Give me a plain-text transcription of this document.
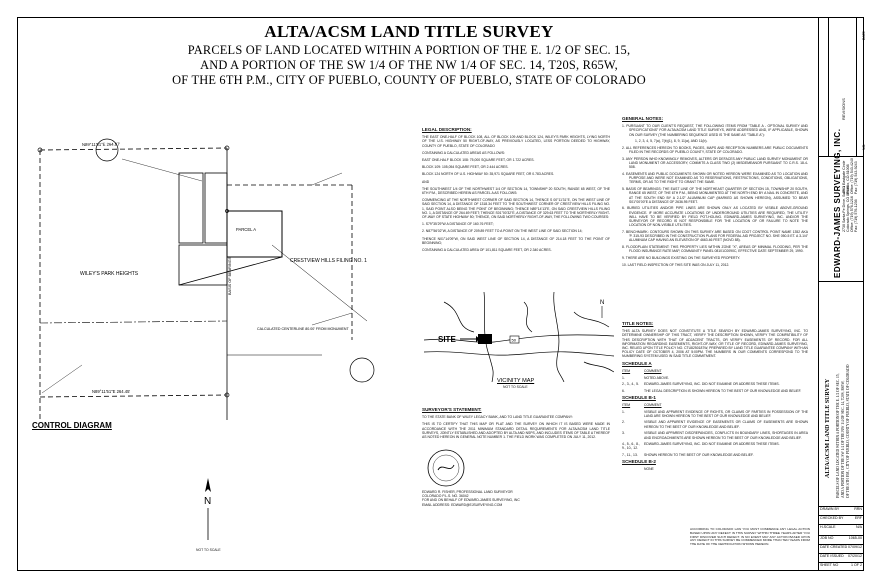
ALTA/ACSM LAND TITLE SURVEY
PARCELS OF LAND LOCATED WITHIN A PORTION OF THE E. 1/2 OF SEC. 15,
AND A PORTION OF THE SW 1/4 OF THE NW 1/4 OF SEC. 14, T20S, R65W,
OF THE 6TH P.M., CITY OF PUEBLO, COUNTY OF PUEBLO, STATE OF COLORADO
N89°11'51"E 264.87'
N89°11'51"E 264.45'
WILEY'S PARK HEIGHTS
CRESTVIEW HILLS FILING NO. 1
PARCEL A
CALCULATED CENTERLINE 80.00' FROM MONUMENT
BASIS OF BEARINGS
CONTROL DIAGRAM
N
NOT TO SCALE
LEGAL DESCRIPTION:

THE EAST ONE-HALF OF BLOCK 108, ALL OF BLOCK 109 AND BLOCK 124, WILEY'S PARK HEIGHTS, LYING NORTH OF THE U.S. HIGHWAY 50 RIGHT-OF-WAY, AS PREVIOUSLY LOCATED, LESS PORTION DEEDED TO HIGHWAY, COUNTY OF PUEBLO, STATE OF COLORADO

CONTAINING A CALCULATED AREAS AS FOLLOWS:

EAST ONE-HALF BLOCK 108: 75,000 SQUARE FEET, OR 1.722 ACRES.

BLOCK 109: 105,054 SQUARE FEET, OR 2.444 ACRES.

BLOCK 124 NORTH OF U.S. HIGHWAY 50: 35,971 SQUARE FEET, OR 0.783 ACRES.

AND

THE SOUTHWEST 1/4 OF THE NORTHWEST 1/4 OF SECTION 14, TOWNSHIP 20 SOUTH, RANGE 65 WEST, OF THE 6TH P.M., DESCRIBED HEREIN AS PARCEL A AS FOLLOWS:

COMMENCING AT THE NORTHWEST CORNER OF SAID SECTION 14, THENCE S 00°11'31"E, ON THE WEST LINE OF SAID SECTION 14, A DISTANCE OF 1318.34 FEET TO THE SOUTHWEST CORNER OF CRESTVIEW HILLS FILING NO. 1, SAID POINT ALSO BEING THE POINT OF BEGINNING; THENCE N89°14'13"E, ON SAID CRESTVIEW HILLS FILING NO. 1, A DISTANCE OF 264.69 FEET; THENCE S01°00'32"E, A DISTANCE OF 329.63 FEET TO THE NORTHERLY RIGHT-OF-WAY OF STATE HIGHWAY 50; THENCE, ON SAID NORTHERLY RIGHT-OF-WAY, THE FOLLOWING TWO COURSES:

1. S79°35'29"W A DISTANCE OF 160.76 FEET;

2. N87°56'02"W, A DISTANCE OF 209.89 FEET TO A POINT ON THE WEST LINE OF SAID SECTION 14;

THENCE N01°14'09"W, ON SAID WEST LINE OF SECTION 14, A DISTANCE OF 214.18 FEET TO THE POINT OF BEGINNING;

CONTAINING A CALCULATED AREA OF 101,811 SQUARE FEET, OR 2.340 ACRES.

SITE	50
N
VICINITY MAP
NOT TO SCALE
SURVEYOR'S STATEMENT:

TO THE STATE BANK OF WILEY LEGACY BANK, AND TO LAND TITLE GUARANTEE COMPANY:

THIS IS TO CERTIFY THAT THIS MAP OR PLAT AND THE SURVEY ON WHICH IT IS BASED WERE MADE IN ACCORDANCE WITH THE 2011 MINIMUM STANDARD DETAIL REQUIREMENTS FOR ALTA/ACSM LAND TITLE SURVEYS, JOINTLY ESTABLISHED AND ADOPTED BY ALTA AND NSPS, AND INCLUDES ITEMS OF TABLE A THEREOF AS NOTED HEREON IN GENERAL NOTE NUMBER 1. THE FIELD WORK WAS COMPLETED ON JULY 11, 2012.

EDWARD R. FISHER, PROFESSIONAL LAND SURVEYOR
COLORADO P.L.S. NO. 36042
FOR AND ON BEHALF OF EDWARD-JAMES SURVEYING, INC
EMAIL ADDRESS: EDWARD@EJSURVEYING.COM
GENERAL NOTES:
1. PURSUANT TO OUR CLIENT'S REQUEST, THE FOLLOWING ITEMS FROM "TABLE A - OPTIONAL SURVEY AND SPECIFICATIONS" FOR ALTA/ACSM LAND TITLE SURVEYS, WERE ADDRESSED AND, IF APPLICABLE, SHOWN ON OUR SURVEY (THE NUMBERING SEQUENCE USED IS THE SAME AS "TABLE A"):
1, 2, 3, 4, 5, 7(a), 7(b)(1), 8, 9, 11(a), AND 11(b).
2. ALL REFERENCES HEREON TO BOOKS, PAGES, MAPS AND RECEPTION NUMBERS ARE PUBLIC DOCUMENTS FILED IN THE RECORDS OF PUEBLO COUNTY, STATE OF COLORADO.
3. ANY PERSON WHO KNOWINGLY REMOVES, ALTERS OR DEFACES ANY PUBLIC LAND SURVEY MONUMENT OR LAND MONUMENT OR ACCESSORY, COMMITS A CLASS TWO (2) MISDEMEANOR PURSUANT TO C.R.S. 18-4-508.
4. EASEMENTS AND PUBLIC DOCUMENTS SHOWN OR NOTED HEREON WERE EXAMINED AS TO LOCATION AND PURPOSE AND WERE NOT EXAMINED AS TO RESERVATIONS, RESTRICTIONS, CONDITIONS, OBLIGATIONS, TERMS, OR AS TO THE RIGHT TO GRANT THE SAME.
5. BASIS OF BEARINGS: THE EAST LINE OF THE NORTHEAST QUARTER OF SECTION 15, TOWNSHIP 20 SOUTH, RANGE 65 WEST, OF THE 6TH P.M., BEING MONUMENTED AT THE NORTH END BY A NAIL IN CONCRETE, AND AT THE SOUTH END BY A 2-1/2" ALUMINUM CAP (MARKED AS SHOWN HEREON), ASSUMED TO BEAR S01°00'00"E A DISTANCE OF 2636.95 FEET.
6. BURIED UTILITIES AND/OR PIPE LINES ARE SHOWN ONLY AS LOCATED BY VISIBLE ABOVE-GROUND EVIDENCE. IF MORE ACCURATE LOCATIONS OF UNDERGROUND UTILITIES ARE REQUIRED, THE UTILITY WILL HAVE TO BE VERIFIED BY FIELD POT-HOLING. EDWARD-JAMES SURVEYING, INC. AND/OR THE SURVEYOR OF RECORD IS NOT RESPONSIBLE FOR THE LOCATION OF OR FAILURE TO NOTE THE LOCATION OF NON-VISIBLE UTILITIES.
7. BENCHMARK: CONTOURS SHOWN ON THIS SURVEY ARE BASED ON CDOT CONTROL POINT NAME 1352 AKA 'P. 315-93 DESCRIBED IN THE CONSTRUCTION PLANS FOR FEDERAL AID PROJECT NO. SHE 050-5 ET. A 3-1/4" ALUMINUM CAP HAVING AN ELEVATION OF 4663.46 FEET (NGVD 88).
8. FLOODPLAIN STATEMENT: THIS PROPERTY LIES WITHIN ZONE "X", AREAS OF MINIMAL FLOODING, PER THE FLOOD INSURANCE RATE MAP, COMMUNITY PANEL 08101C0090C, EFFECTIVE DATE SEPTEMBER 29, 1990.
9. THERE ARE NO BUILDINGS EXISTING ON THE SURVEYED PROPERTY.
10. LAST FIELD INSPECTION OF THIS SITE WAS ON JULY 11, 2012.
TITLE NOTES:

THIS ALTA SURVEY DOES NOT CONSTITUTE A TITLE SEARCH BY EDWARD-JAMES SURVEYING, INC. TO DETERMINE OWNERSHIP OF THIS TRACT, VERIFY THE DESCRIPTION SHOWN, VERIFY THE COMPATIBILITY OF THIS DESCRIPTION WITH THAT OF ADJACENT TRACTS, OR VERIFY EASEMENTS OF RECORD. FOR ALL INFORMATION REGARDING EASEMENTS, RIGHT-OF-WAY, OR TITLE OF RECORD, EDWARD-JAMES SURVEYING, INC. RELIED UPON TITLE POLICY NO. CTU8250187W, PREPARED BY LAND TITLE GUARANTEE COMPANY WITH AN POLICY DATE OF OCTOBER 4, 2006 AT 5:00PM. THE NUMBERS IN OUR COMMENTS CORRESPOND TO THE NUMBERING SYSTEM USED IN SAID TITLE COMMITMENT.

SCHEDULE A
ITEM	COMMENT
1.	NOTED ABOVE.
2., 3., 4., 5.	EDWARD-JAMES SURVEYING, INC. DID NOT EXAMINE OR ADDRESS THESE ITEMS.
6.	THE LEGAL DESCRIPTION IS SHOWN HEREON TO THE BEST OF OUR KNOWLEDGE AND BELIEF.
SCHEDULE B-1
ITEM	COMMENT
1.	VISIBLE AND APPARENT EVIDENCE OF RIGHTS, OR CLAIMS OF PARTIES IN POSSESSION OF THE LAND ARE SHOWN HEREON TO THE BEST OF OUR KNOWLEDGE AND BELIEF.
2.	VISIBLE AND APPARENT EVIDENCE OF EASEMENTS OR CLAIMS OF EASEMENTS ARE SHOWN HEREON TO THE BEST OF OUR KNOWLEDGE AND BELIEF.
3.	VISIBLE AND APPARENT DISCREPANCIES, CONFLICTS IN BOUNDARY LINES, SHORTAGES IN AREA AND ENCROACHMENTS ARE SHOWN HEREON TO THE BEST OF OUR KNOWLEDGE AND BELIEF.
4., 5., 6., 8., 9., 10., 12.
EDWARD-JAMES SURVEYING, INC. DID NOT EXAMINE OR ADDRESS THESE ITEMS.
7., 11., 13.	SHOWN HEREON TO THE BEST OF OUR KNOWLEDGE AND BELIEF.
SCHEDULE B-2
NONE
ACCORDING TO COLORADO LAW YOU MUST COMMENCE ANY LEGAL ACTION BASED UPON ANY DEFECT IN THIS SURVEY WITHIN THREE YEARS AFTER YOU FIRST DISCOVER SUCH DEFECT. IN NO EVENT MAY ANY ACTION BASED UPON ANY DEFECT IN THIS SURVEY BE COMMENCED MORE THAN TEN YEARS FROM THE DATE OF THE CERTIFICATION SHOWN HEREON.
REVISIONS
NO.
DATE
EDWARD-JAMES SURVEYING, INC. 2730 Santa Fe Drive, Suite 1 Colorado Springs, CO 80910 Office: (719) 576-1216 Fax: (719) 576-1236
4733 Eastgate Circle Pueblo, CO 81008 Office: (719) 543-4240 Fax: (719) 543-9243
ALTA/ACSM LAND TITLE SURVEY PARCELS OF LAND LOCATED WITHIN A PORTION OF THE E. 1/2 OF SEC. 15, AND A PORTION OF THE SW 1/4 OF THE NW 1/4 OF SEC. 14, T20S, R65W, OF THE 6TH P.M., CITY OF PUEBLO, COUNTY OF PUEBLO, STATE OF COLORADO
DRAWN BY	RRN
CHECKED BY	ERF
H-SCALE	N/A
JOB NO	1065-00
DATE CREATED 07/09/12
DATE ISSUED 07/20/12
SHEET NO	1 OF 2
